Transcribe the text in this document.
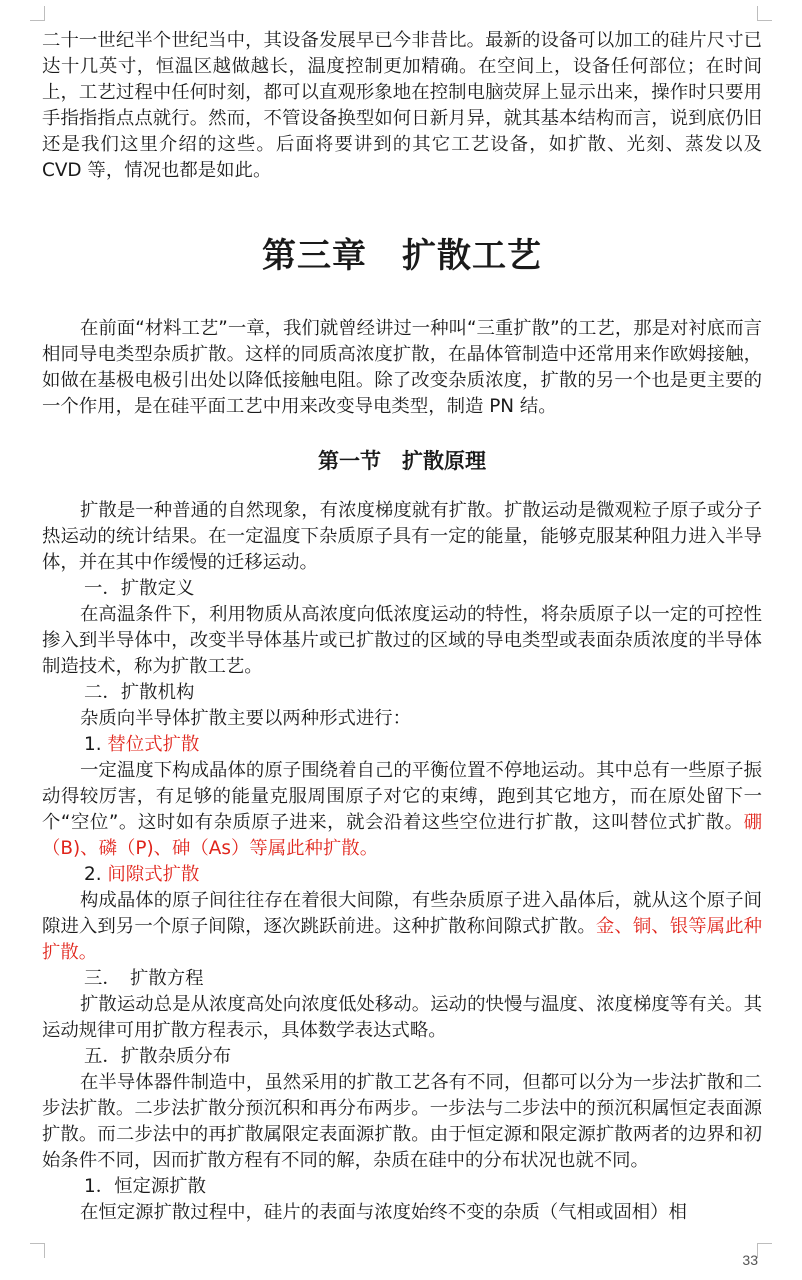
二十一世纪半个世纪当中，其设备发展早已今非昔比。最新的设备可以加工的硅片尺寸已达十几英寸，恒温区越做越长，温度控制更加精确。在空间上，设备任何部位；在时间上，工艺过程中任何时刻，都可以直观形象地在控制电脑荧屏上显示出来，操作时只要用手指指指点点就行。然而，不管设备换型如何日新月异，就其基本结构而言，说到底仍旧还是我们这里介绍的这些。后面将要讲到的其它工艺设备，如扩散、光刻、蒸发以及 CVD 等，情况也都是如此。

第三章　扩散工艺

在前面“材料工艺”一章，我们就曾经讲过一种叫“三重扩散”的工艺，那是对衬底而言相同导电类型杂质扩散。这样的同质高浓度扩散，在晶体管制造中还常用来作欧姆接触，如做在基极电极引出处以降低接触电阻。除了改变杂质浓度，扩散的另一个也是更主要的一个作用，是在硅平面工艺中用来改变导电类型，制造 PN 结。

第一节　扩散原理

扩散是一种普通的自然现象，有浓度梯度就有扩散。扩散运动是微观粒子原子或分子热运动的统计结果。在一定温度下杂质原子具有一定的能量，能够克服某种阻力进入半导体，并在其中作缓慢的迁移运动。

一．扩散定义

在高温条件下，利用物质从高浓度向低浓度运动的特性，将杂质原子以一定的可控性掺入到半导体中，改变半导体基片或已扩散过的区域的导电类型或表面杂质浓度的半导体制造技术，称为扩散工艺。

二．扩散机构

杂质向半导体扩散主要以两种形式进行：

1. 替位式扩散

一定温度下构成晶体的原子围绕着自己的平衡位置不停地运动。其中总有一些原子振动得较厉害，有足够的能量克服周围原子对它的束缚，跑到其它地方，而在原处留下一个“空位”。这时如有杂质原子进来，就会沿着这些空位进行扩散，这叫替位式扩散。硼（B)、磷（P)、砷（As）等属此种扩散。

2. 间隙式扩散

构成晶体的原子间往往存在着很大间隙，有些杂质原子进入晶体后，就从这个原子间隙进入到另一个原子间隙，逐次跳跃前进。这种扩散称间隙式扩散。金、铜、银等属此种扩散。

三．　扩散方程

扩散运动总是从浓度高处向浓度低处移动。运动的快慢与温度、浓度梯度等有关。其运动规律可用扩散方程表示，具体数学表达式略。

五．扩散杂质分布

在半导体器件制造中，虽然采用的扩散工艺各有不同，但都可以分为一步法扩散和二步法扩散。二步法扩散分预沉积和再分布两步。一步法与二步法中的预沉积属恒定表面源扩散。而二步法中的再扩散属限定表面源扩散。由于恒定源和限定源扩散两者的边界和初始条件不同，因而扩散方程有不同的解，杂质在硅中的分布状况也就不同。

1．恒定源扩散

在恒定源扩散过程中，硅片的表面与浓度始终不变的杂质（气相或固相）相

33
